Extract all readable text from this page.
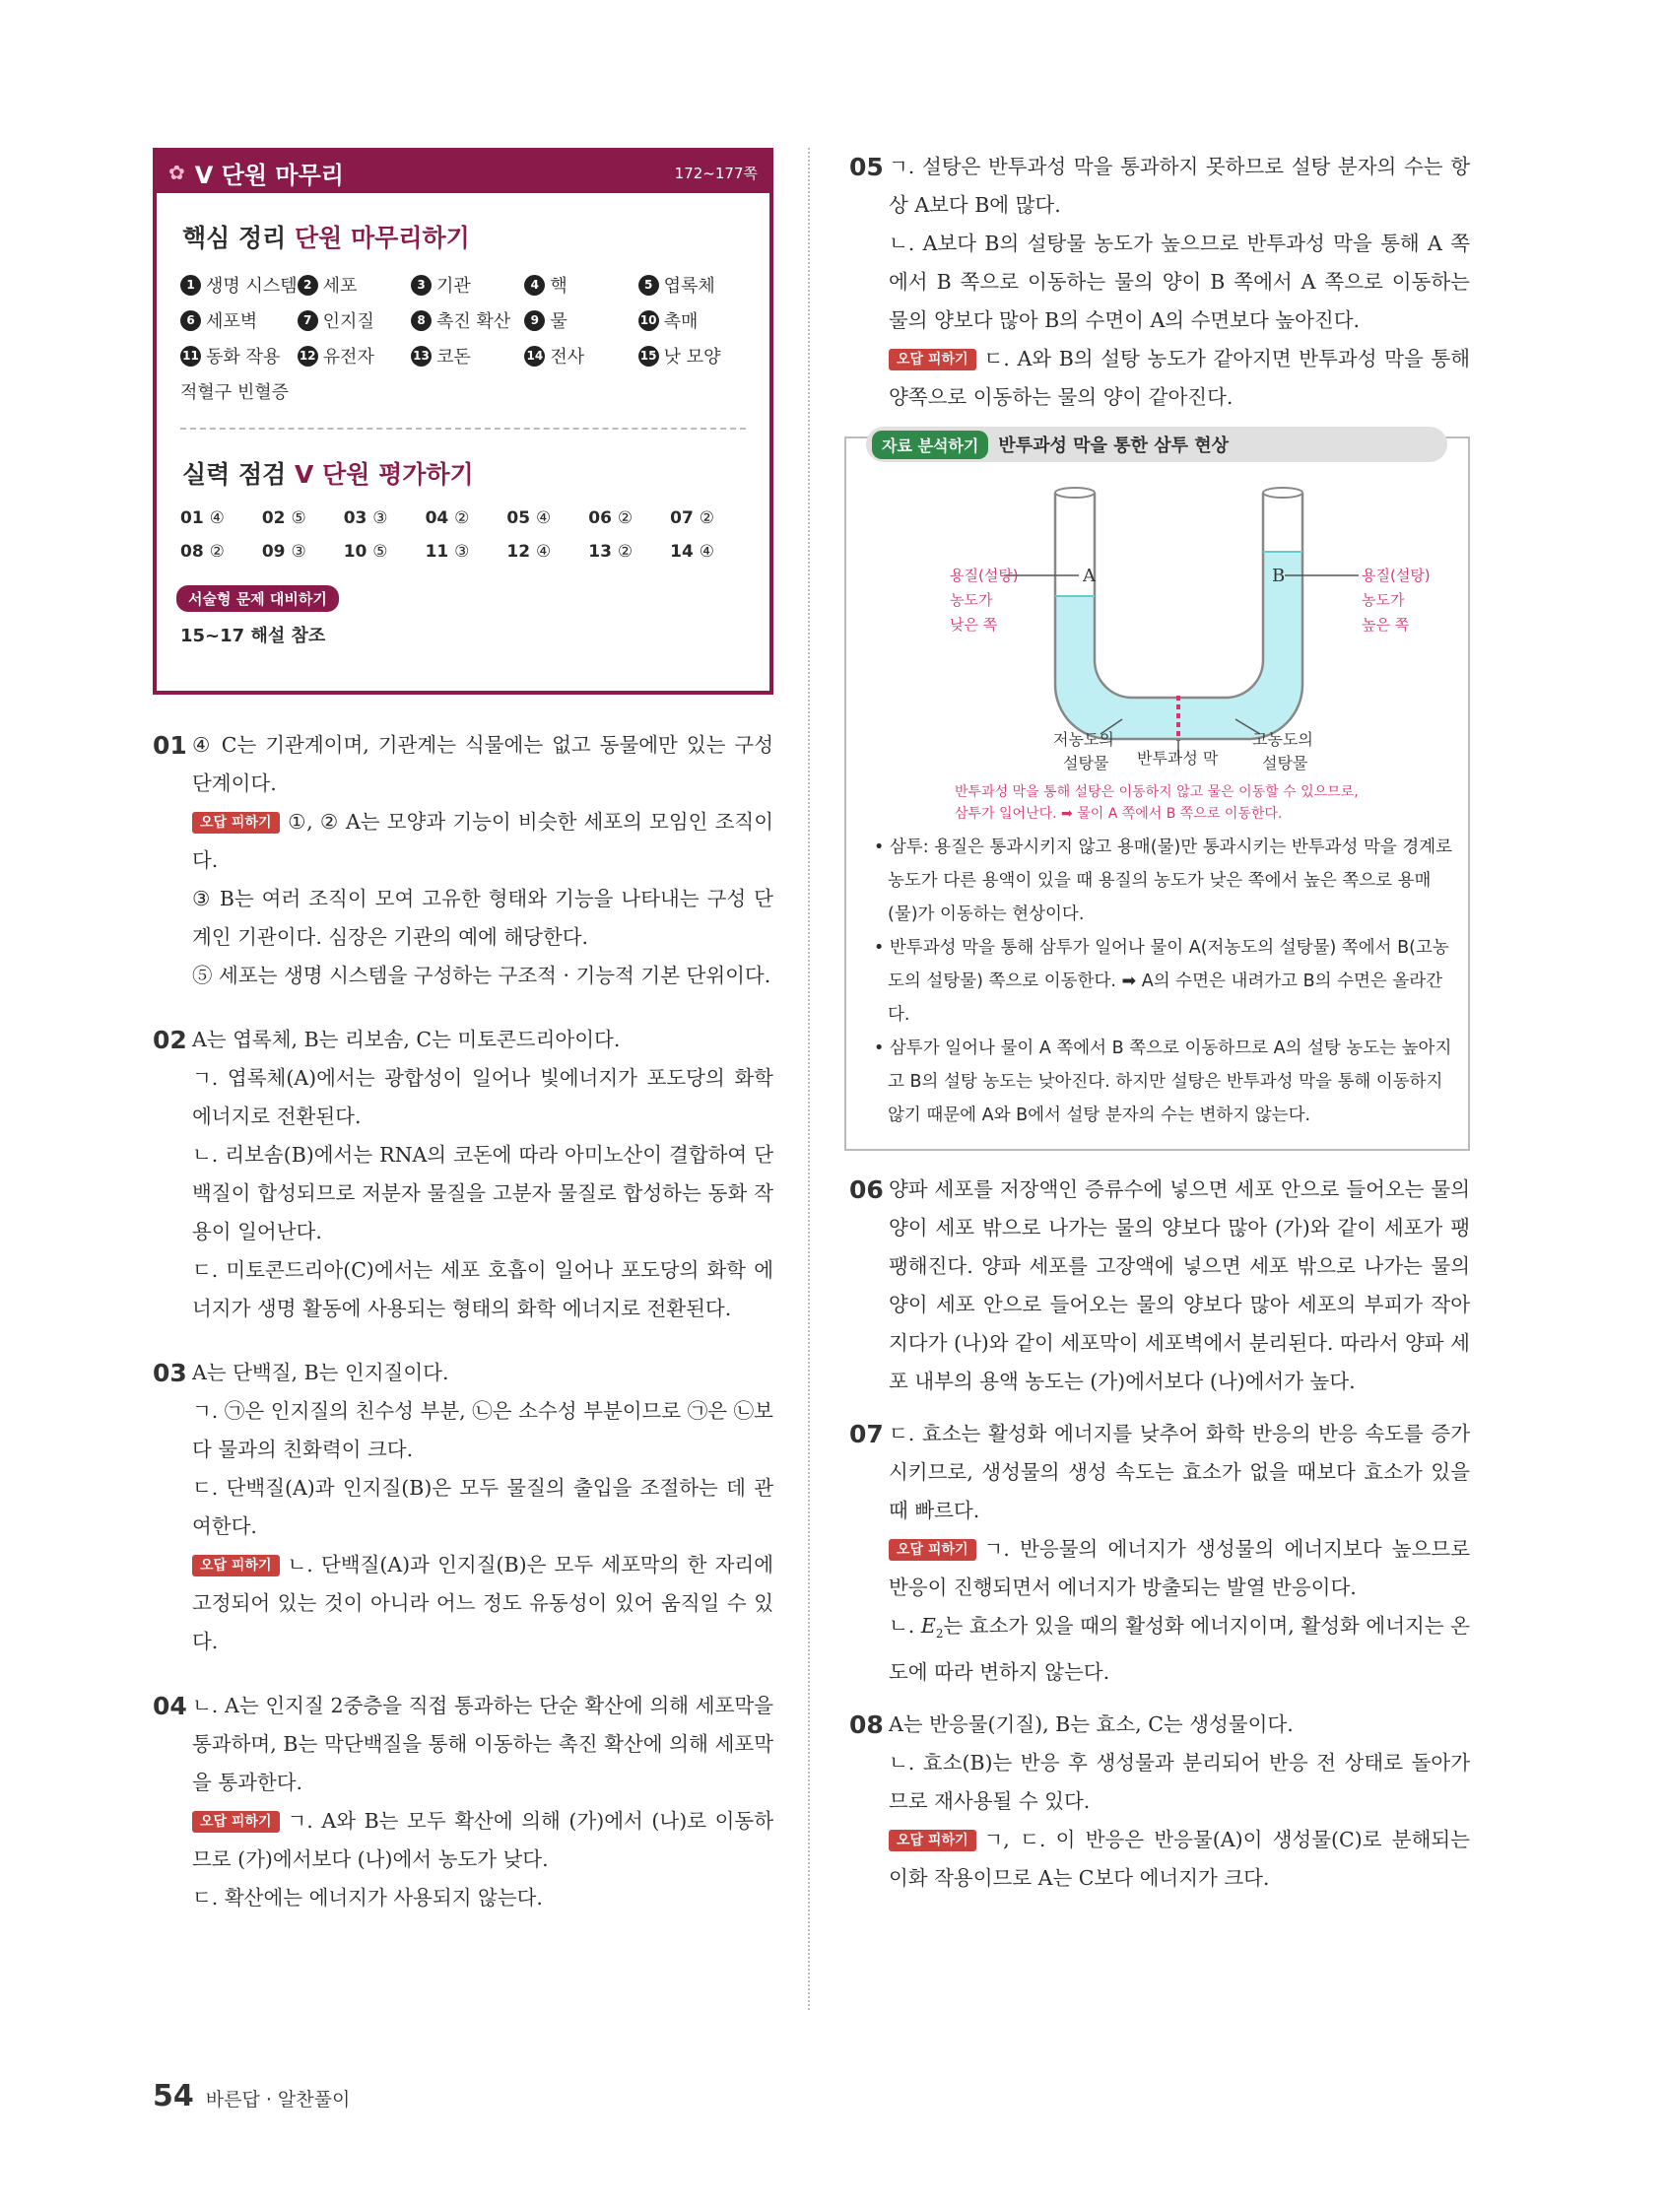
✿ V 단원 마무리	172~177쪽
핵심 정리 단원 마무리하기
1 생명 시스템 2 세포	3 기관	4 핵	5 엽록체
6 세포벽	7 인지질	8 촉진 확산	9 물	10 촉매
11 동화 작용 12 유전자	13 코돈	14 전사	15 낫 모양
적혈구 빈혈증
실력 점검 V 단원 평가하기
01 ④	02 ⑤	03 ③	04 ②	05 ④	06 ②	07 ②
08 ②	09 ③	10 ⑤	11 ③	12 ④	13 ②	14 ④
서술형 문제 대비하기
15~17 해설 참조
01 ④ C는 기관계이며, 기관계는 식물에는 없고 동물에만 있는 구성 단계이다.

오답 피하기 ①, ② A는 모양과 기능이 비슷한 세포의 모임인 조직이다.

③ B는 여러 조직이 모여 고유한 형태와 기능을 나타내는 구성 단계인 기관이다. 심장은 기관의 예에 해당한다.

⑤ 세포는 생명 시스템을 구성하는 구조적 · 기능적 기본 단위이다.

02 A는 엽록체, B는 리보솜, C는 미토콘드리아이다.

ㄱ. 엽록체(A)에서는 광합성이 일어나 빛에너지가 포도당의 화학 에너지로 전환된다.

ㄴ. 리보솜(B)에서는 RNA의 코돈에 따라 아미노산이 결합하여 단백질이 합성되므로 저분자 물질을 고분자 물질로 합성하는 동화 작용이 일어난다.

ㄷ. 미토콘드리아(C)에서는 세포 호흡이 일어나 포도당의 화학 에너지가 생명 활동에 사용되는 형태의 화학 에너지로 전환된다.

03 A는 단백질, B는 인지질이다.

ㄱ. ㉠은 인지질의 친수성 부분, ㉡은 소수성 부분이므로 ㉠은 ㉡보다 물과의 친화력이 크다.

ㄷ. 단백질(A)과 인지질(B)은 모두 물질의 출입을 조절하는 데 관여한다.

오답 피하기 ㄴ. 단백질(A)과 인지질(B)은 모두 세포막의 한 자리에 고정되어 있는 것이 아니라 어느 정도 유동성이 있어 움직일 수 있다.

04 ㄴ. A는 인지질 2중층을 직접 통과하는 단순 확산에 의해 세포막을 통과하며, B는 막단백질을 통해 이동하는 촉진 확산에 의해 세포막을 통과한다.

오답 피하기 ㄱ. A와 B는 모두 확산에 의해 (가)에서 (나)로 이동하므로 (가)에서보다 (나)에서 농도가 낮다.

ㄷ. 확산에는 에너지가 사용되지 않는다.

05 ㄱ. 설탕은 반투과성 막을 통과하지 못하므로 설탕 분자의 수는 항상 A보다 B에 많다.

ㄴ. A보다 B의 설탕물 농도가 높으므로 반투과성 막을 통해 A 쪽에서 B 쪽으로 이동하는 물의 양이 B 쪽에서 A 쪽으로 이동하는 물의 양보다 많아 B의 수면이 A의 수면보다 높아진다.

오답 피하기 ㄷ. A와 B의 설탕 농도가 같아지면 반투과성 막을 통해 양쪽으로 이동하는 물의 양이 같아진다.

자료 분석하기	반투과성 막을 통한 삼투 현상
A	B
용질(설탕) 농도가 낮은 쪽
용질(설탕) 농도가 높은 쪽
저농도의 설탕물	반투과성 막
고농도의 설탕물
반투과성 막을 통해 설탕은 이동하지 않고 물은 이동할 수 있으므로,
삼투가 일어난다. ➡ 물이 A 쪽에서 B 쪽으로 이동한다.
• 삼투: 용질은 통과시키지 않고 용매(물)만 통과시키는 반투과성 막을 경계로 농도가 다른 용액이 있을 때 용질의 농도가 낮은 쪽에서 높은 쪽으로 용매(물)가 이동하는 현상이다.
• 반투과성 막을 통해 삼투가 일어나 물이 A(저농도의 설탕물) 쪽에서 B(고농도의 설탕물) 쪽으로 이동한다. ➡ A의 수면은 내려가고 B의 수면은 올라간다.
• 삼투가 일어나 물이 A 쪽에서 B 쪽으로 이동하므로 A의 설탕 농도는 높아지고 B의 설탕 농도는 낮아진다. 하지만 설탕은 반투과성 막을 통해 이동하지 않기 때문에 A와 B에서 설탕 분자의 수는 변하지 않는다.
06 양파 세포를 저장액인 증류수에 넣으면 세포 안으로 들어오는 물의 양이 세포 밖으로 나가는 물의 양보다 많아 (가)와 같이 세포가 팽팽해진다. 양파 세포를 고장액에 넣으면 세포 밖으로 나가는 물의 양이 세포 안으로 들어오는 물의 양보다 많아 세포의 부피가 작아지다가 (나)와 같이 세포막이 세포벽에서 분리된다. 따라서 양파 세포 내부의 용액 농도는 (가)에서보다 (나)에서가 높다.

07 ㄷ. 효소는 활성화 에너지를 낮추어 화학 반응의 반응 속도를 증가시키므로, 생성물의 생성 속도는 효소가 없을 때보다 효소가 있을 때 빠르다.

오답 피하기 ㄱ. 반응물의 에너지가 생성물의 에너지보다 높으므로 반응이 진행되면서 에너지가 방출되는 발열 반응이다.

ㄴ. $E_2$는 효소가 있을 때의 활성화 에너지이며, 활성화 에너지는 온도에 따라 변하지 않는다.

08 A는 반응물(기질), B는 효소, C는 생성물이다.

ㄴ. 효소(B)는 반응 후 생성물과 분리되어 반응 전 상태로 돌아가므로 재사용될 수 있다.

오답 피하기 ㄱ, ㄷ. 이 반응은 반응물(A)이 생성물(C)로 분해되는 이화 작용이므로 A는 C보다 에너지가 크다.

54 바른답 · 알찬풀이
